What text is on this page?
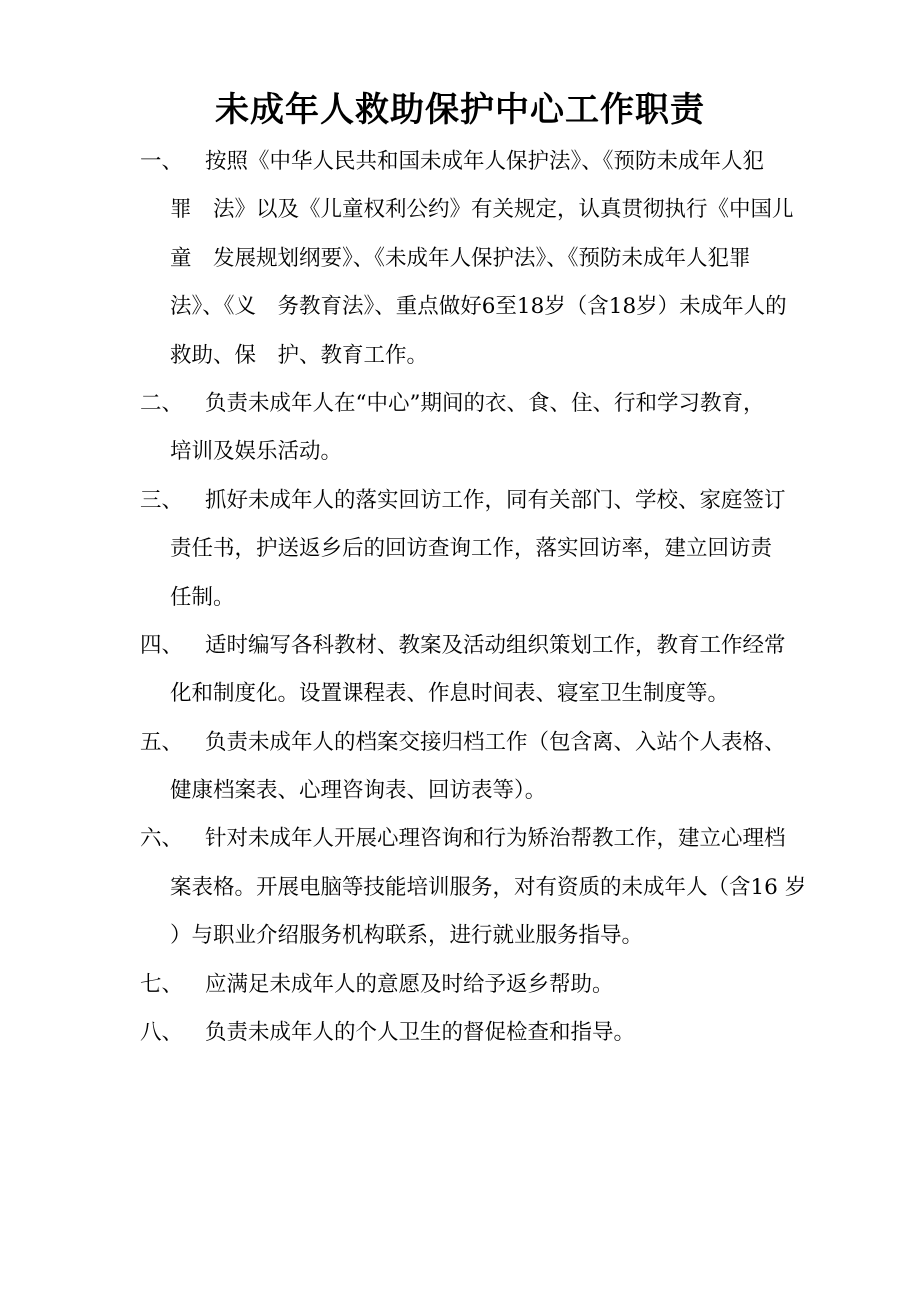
未成年人救助保护中心工作职责
一、 按照《中华人民共和国未成年人保护法》、《预防未成年人犯
罪　法》以及《儿童权利公约》有关规定，认真贯彻执行《中国儿
童　发展规划纲要》、《未成年人保护法》、《预防未成年人犯罪
法》、《义　务教育法》、重点做好6至18岁（含18岁）未成年人的
救助、保　护、教育工作。
二、 负责未成年人在“中心”期间的衣、食、住、行和学习教育，
培训及娱乐活动。
三、 抓好未成年人的落实回访工作，同有关部门、学校、家庭签订
责任书，护送返乡后的回访查询工作，落实回访率，建立回访责
任制。
四、 适时编写各科教材、教案及活动组织策划工作，教育工作经常
化和制度化。设置课程表、作息时间表、寝室卫生制度等。
五、 负责未成年人的档案交接归档工作（包含离、入站个人表格、
健康档案表、心理咨询表、回访表等）。
六、 针对未成年人开展心理咨询和行为矫治帮教工作，建立心理档
案表格。开展电脑等技能培训服务，对有资质的未成年人（含16 岁
）与职业介绍服务机构联系，进行就业服务指导。
七、 应满足未成年人的意愿及时给予返乡帮助。
八、 负责未成年人的个人卫生的督促检查和指导。
